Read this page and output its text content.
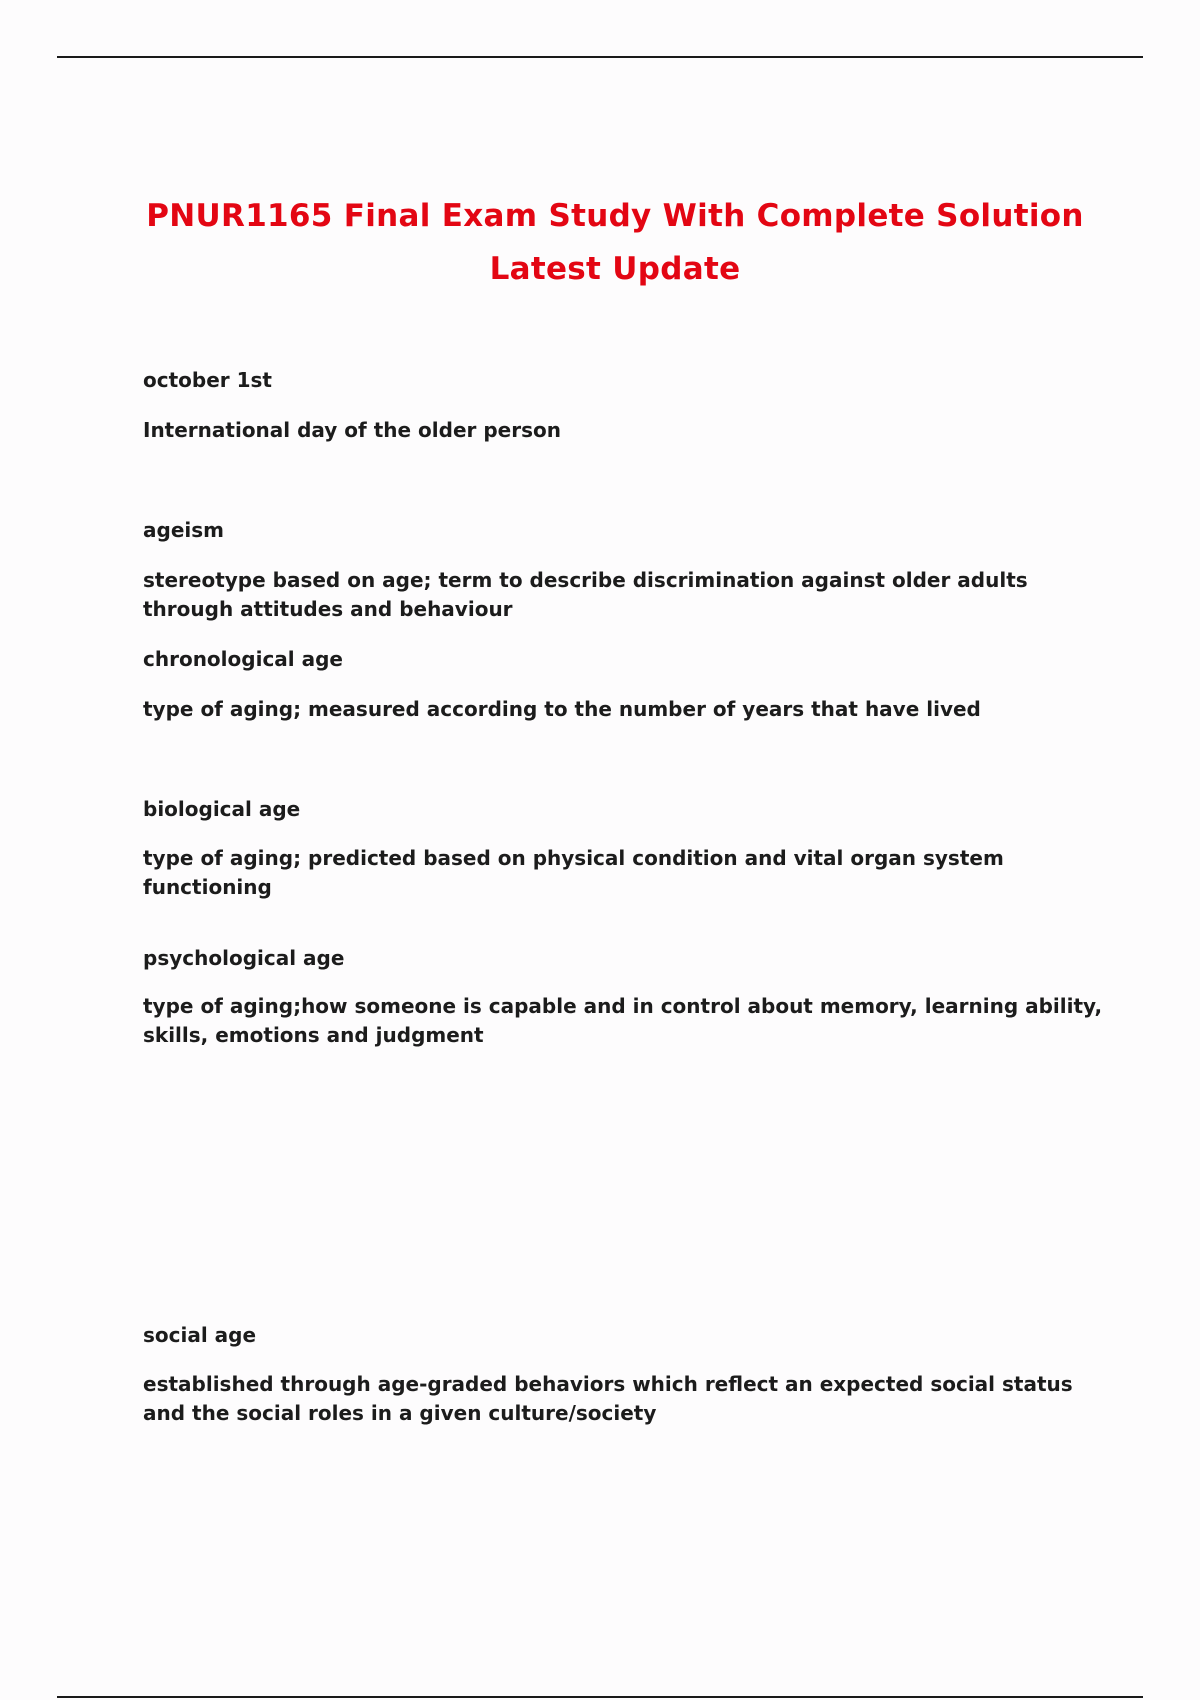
PNUR1165 Final Exam Study With Complete Solution Latest Update

october 1st

International day of the older person

ageism

stereotype based on age; term to describe discrimination against older adults through attitudes and behaviour

chronological age

type of aging; measured according to the number of years that have lived

biological age

type of aging; predicted based on physical condition and vital organ system functioning

psychological age

type of aging;how someone is capable and in control about memory, learning ability, skills, emotions and judgment

social age

established through age-graded behaviors which reflect an expected social status and the social roles in a given culture/society
